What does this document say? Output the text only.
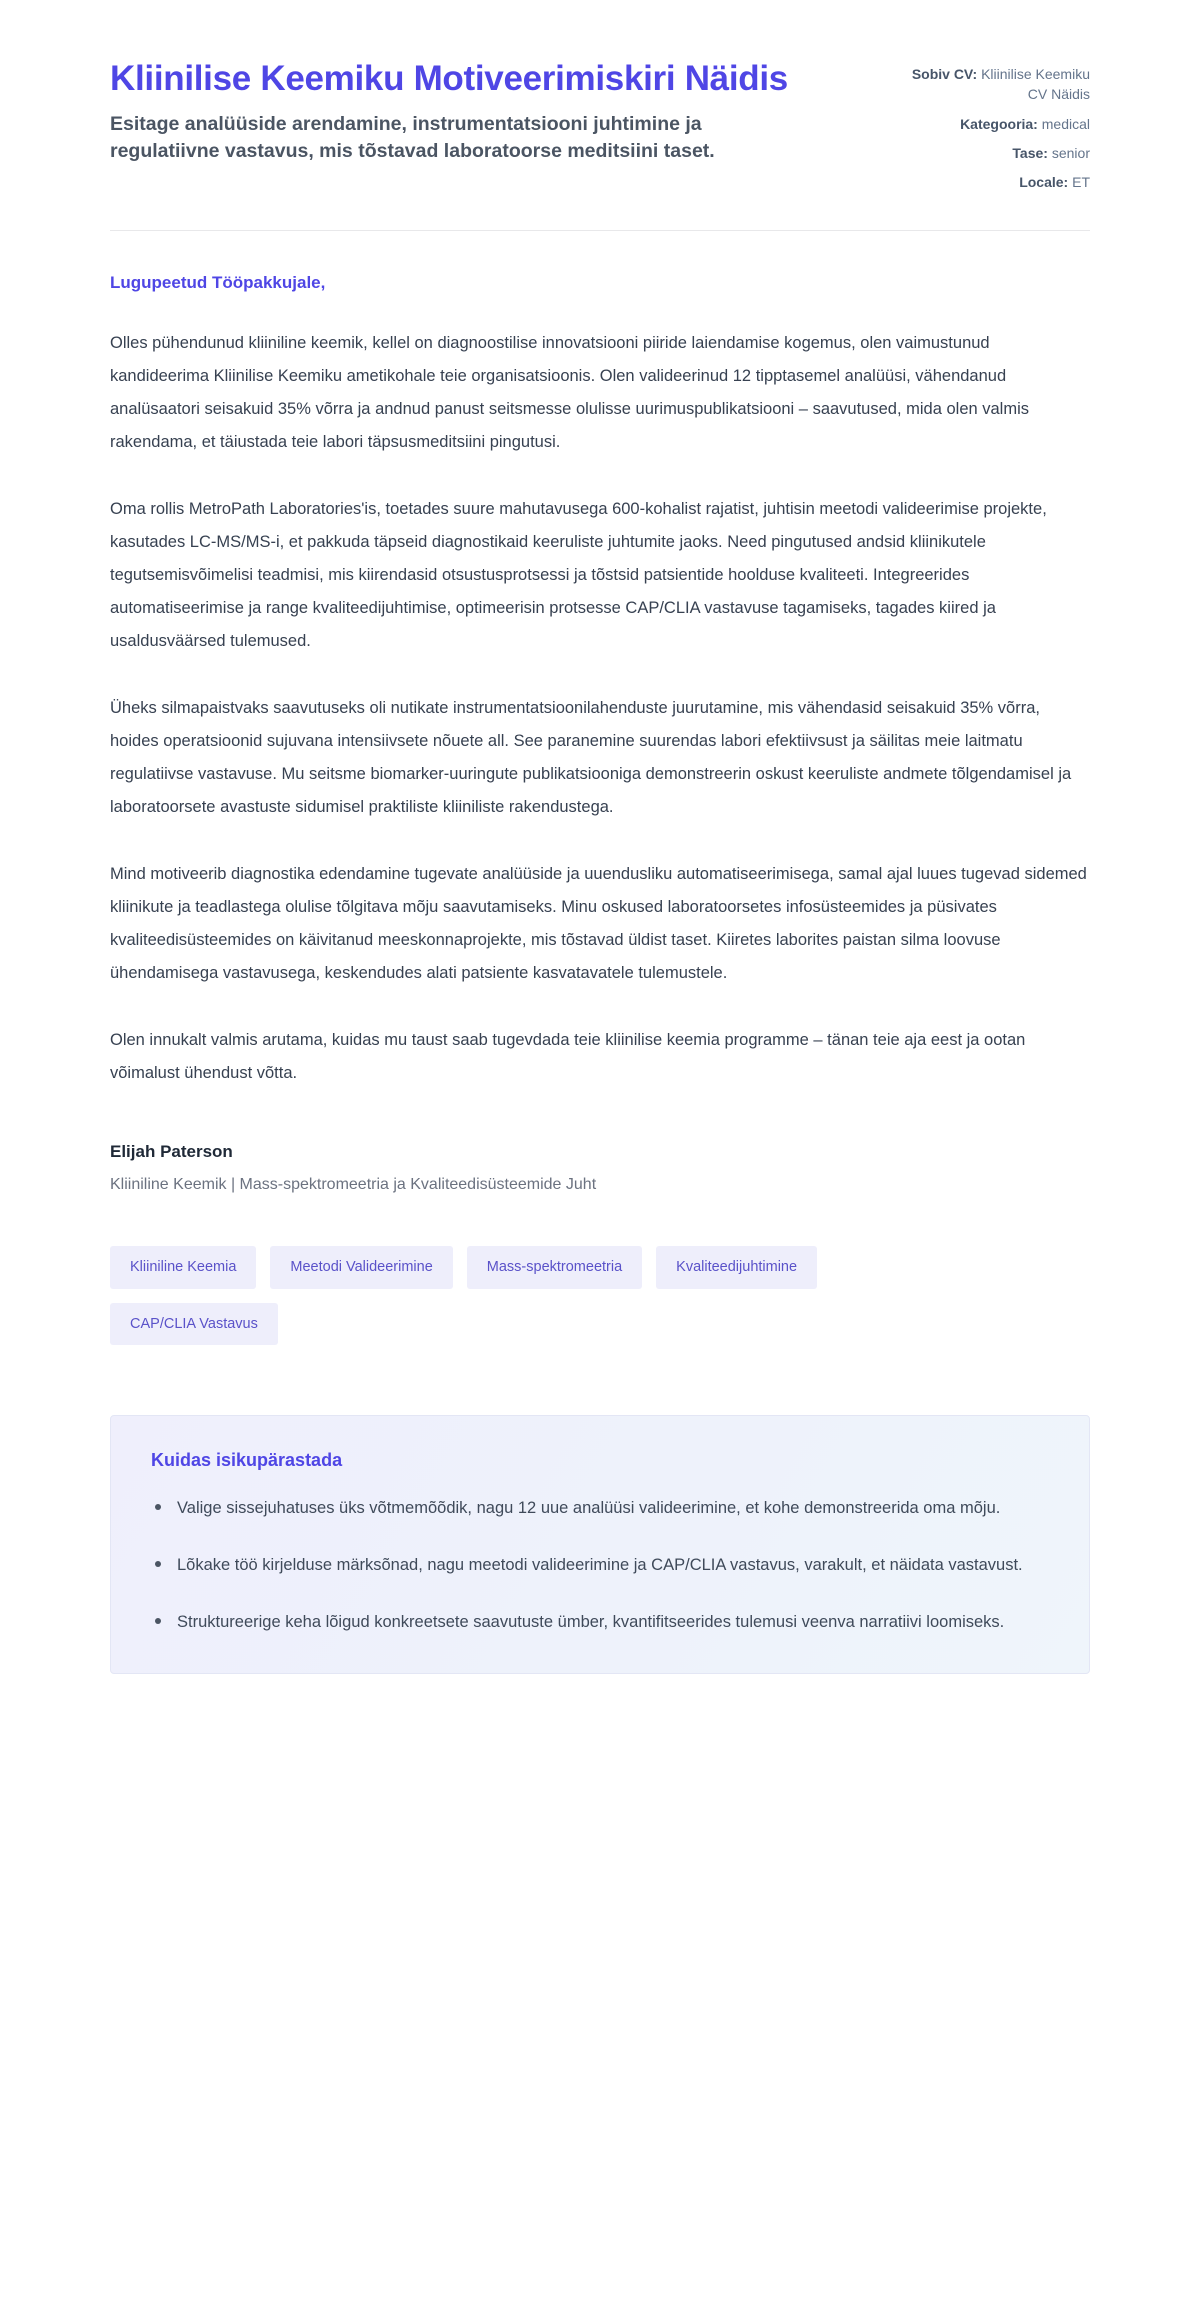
Kliinilise Keemiku Motiveerimiskiri Näidis

Esitage analüüside arendamine, instrumentatsiooni juhtimine ja regulatiivne vastavus, mis tõstavad laboratoorse meditsiini taset.

Sobiv CV: Kliinilise Keemiku CV Näidis
Kategooria: medical
Tase: senior
Locale: ET

Lugupeetud Tööpakkujale,

Olles pühendunud kliiniline keemik, kellel on diagnoostilise innovatsiooni piiride laiendamise kogemus, olen vaimustunud kandideerima Kliinilise Keemiku ametikohale teie organisatsioonis. Olen valideerinud 12 tipptasemel analüüsi, vähendanud analüsaatori seisakuid 35% võrra ja andnud panust seitsmesse olulisse uurimuspublikatsiooni – saavutused, mida olen valmis rakendama, et täiustada teie labori täpsusmeditsiini pingutusi.

Oma rollis MetroPath Laboratories'is, toetades suure mahutavusega 600-kohalist rajatist, juhtisin meetodi valideerimise projekte, kasutades LC-MS/MS-i, et pakkuda täpseid diagnostikaid keeruliste juhtumite jaoks. Need pingutused andsid kliinikutele tegutsemisvõimelisi teadmisi, mis kiirendasid otsustusprotsessi ja tõstsid patsientide hoolduse kvaliteeti. Integreerides automatiseerimise ja range kvaliteedijuhtimise, optimeerisin protsesse CAP/CLIA vastavuse tagamiseks, tagades kiired ja usaldusväärsed tulemused.

Üheks silmapaistvaks saavutuseks oli nutikate instrumentatsioonilahenduste juurutamine, mis vähendasid seisakuid 35% võrra, hoides operatsioonid sujuvana intensiivsete nõuete all. See paranemine suurendas labori efektiivsust ja säilitas meie laitmatu regulatiivse vastavuse. Mu seitsme biomarker-uuringute publikatsiooniga demonstreerin oskust keeruliste andmete tõlgendamisel ja laboratoorsete avastuste sidumisel praktiliste kliiniliste rakendustega.

Mind motiveerib diagnostika edendamine tugevate analüüside ja uuendusliku automatiseerimisega, samal ajal luues tugevad sidemed kliinikute ja teadlastega olulise tõlgitava mõju saavutamiseks. Minu oskused laboratoorsetes infosüsteemides ja püsivates kvaliteedisüsteemides on käivitanud meeskonnaprojekte, mis tõstavad üldist taset. Kiiretes laborites paistan silma loovuse ühendamisega vastavusega, keskendudes alati patsiente kasvatavatele tulemustele.

Olen innukalt valmis arutama, kuidas mu taust saab tugevdada teie kliinilise keemia programme – tänan teie aja eest ja ootan võimalust ühendust võtta.

Elijah Paterson

Kliiniline Keemik | Mass-spektromeetria ja Kvaliteedisüsteemide Juht

Kliiniline Keemia	Meetodi Valideerimine	Mass-spektromeetria	Kvaliteedijuhtimine
CAP/CLIA Vastavus

Kuidas isikupärastada

Valige sissejuhatuses üks võtmemõõdik, nagu 12 uue analüüsi valideerimine, et kohe demonstreerida oma mõju.
Lõkake töö kirjelduse märksõnad, nagu meetodi valideerimine ja CAP/CLIA vastavus, varakult, et näidata vastavust.
Struktureerige keha lõigud konkreetsete saavutuste ümber, kvantifitseerides tulemusi veenva narratiivi loomiseks.
